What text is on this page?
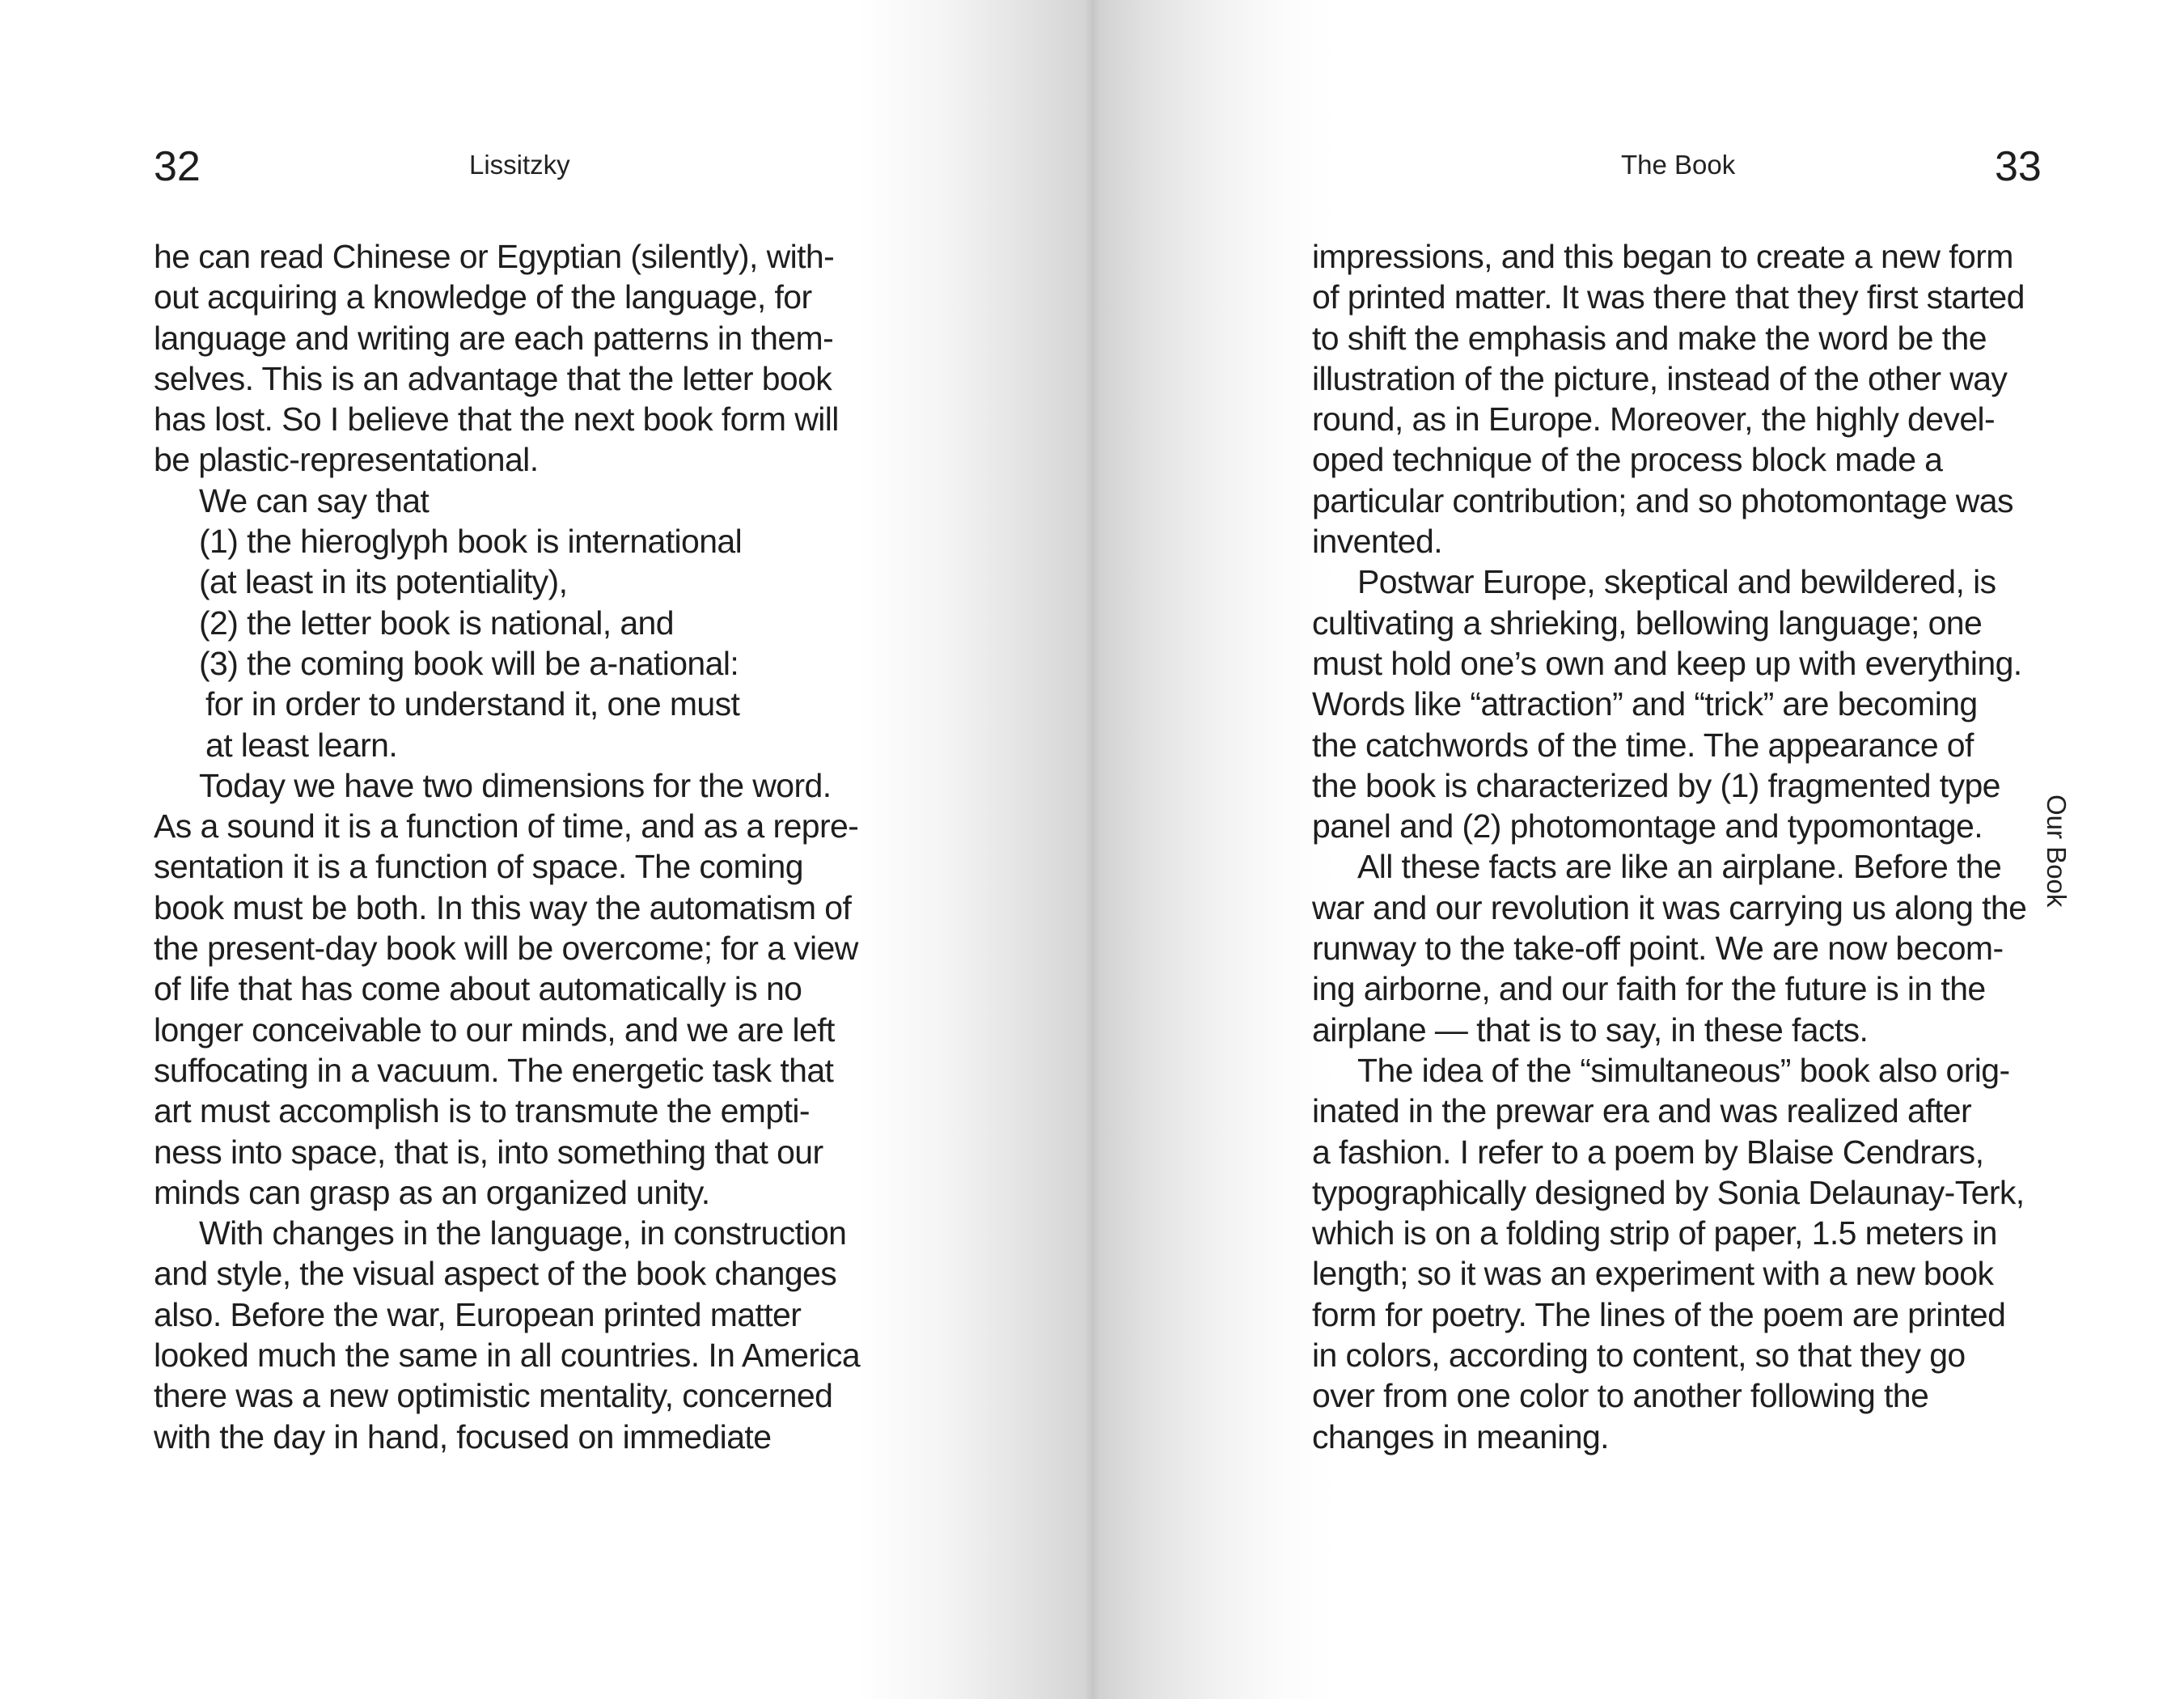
32	Lissitzky
he can read Chinese or Egyptian (silently), with-
out acquiring a knowledge of the language, for
language and writing are each patterns in them-
selves. This is an advantage that the letter book
has lost. So I believe that the next book form will
be plastic-representational.
We can say that
(1) the hieroglyph book is international
(at least in its potentiality),
(2) the letter book is national, and
(3) the coming book will be a-national:
for in order to understand it, one must
at least learn.
Today we have two dimensions for the word.
As a sound it is a function of time, and as a repre-
sentation it is a function of space. The coming
book must be both. In this way the automatism of
the present-day book will be overcome; for a view
of life that has come about automatically is no
longer conceivable to our minds, and we are left
suffocating in a vacuum. The energetic task that
art must accomplish is to transmute the empti-
ness into space, that is, into something that our
minds can grasp as an organized unity.
With changes in the language, in construction
and style, the visual aspect of the book changes
also. Before the war, European printed matter
looked much the same in all countries. In America
there was a new optimistic mentality, concerned
with the day in hand, focused on immediate
The Book	33
impressions, and this began to create a new form
of printed matter. It was there that they first started
to shift the emphasis and make the word be the
illustration of the picture, instead of the other way
round, as in Europe. Moreover, the highly devel-
oped technique of the process block made a
particular contribution; and so photomontage was
invented.
Postwar Europe, skeptical and bewildered, is
cultivating a shrieking, bellowing language; one
must hold one’s own and keep up with everything.
Words like “attraction” and “trick” are becoming
the catchwords of the time. The appearance of
the book is characterized by (1) fragmented type
panel and (2) photomontage and typomontage.
All these facts are like an airplane. Before the
war and our revolution it was carrying us along the
runway to the take-off point. We are now becom-
ing airborne, and our faith for the future is in the
airplane — that is to say, in these facts.
The idea of the “simultaneous” book also orig-
inated in the prewar era and was realized after
a fashion. I refer to a poem by Blaise Cendrars,
typographically designed by Sonia Delaunay-Terk,
which is on a folding strip of paper, 1.5 meters in
length; so it was an experiment with a new book
form for poetry. The lines of the poem are printed
in colors, according to content, so that they go
over from one color to another following the
changes in meaning.
Our Book
